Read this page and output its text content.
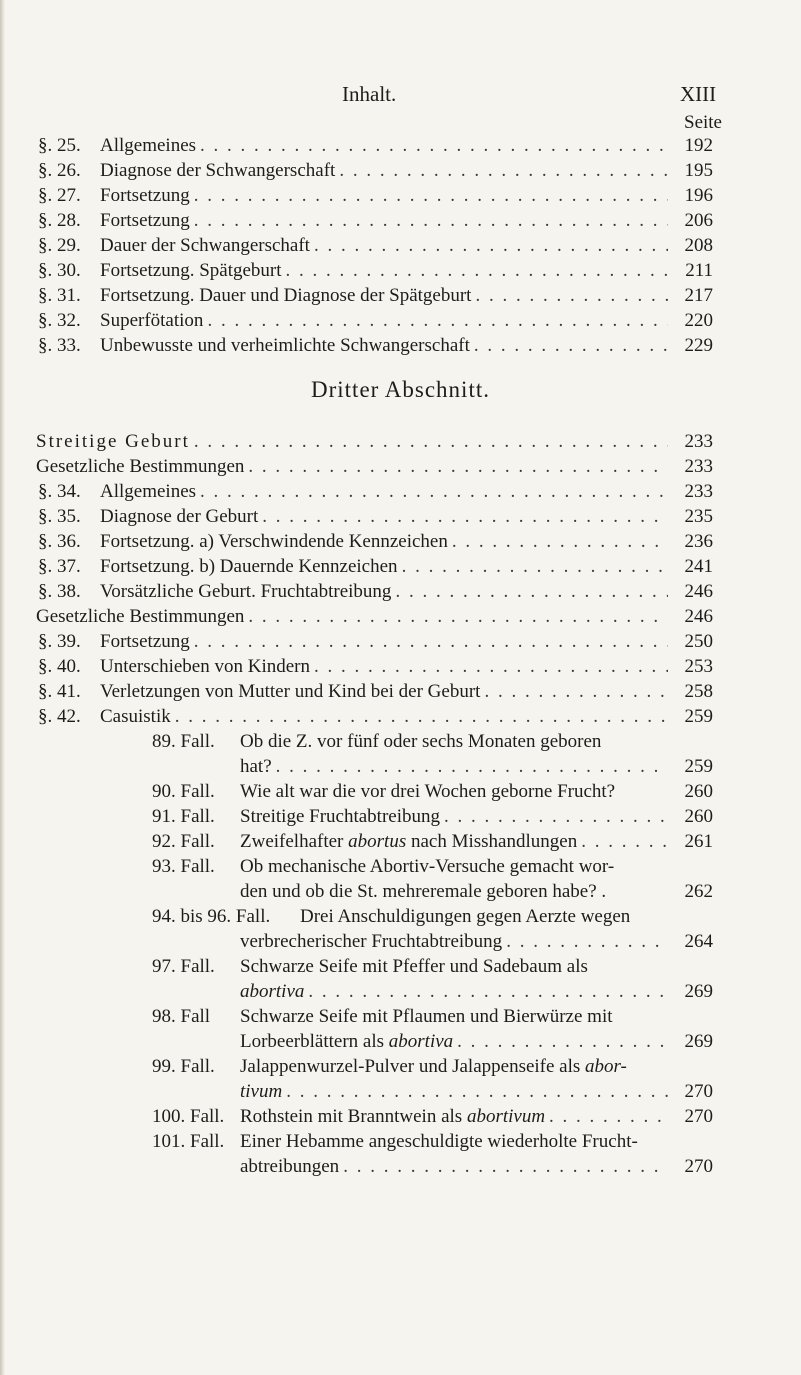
Inhalt.	XIII
Seite
§. 25. Allgemeines . . .	192
§. 26. Diagnose der Schwangerschaft . . .	195
§. 27. Fortsetzung . . .	196
§. 28. Fortsetzung . . .	206
§. 29. Dauer der Schwangerschaft . . .	208
§. 30. Fortsetzung. Spätgeburt . . .	211
§. 31. Fortsetzung. Dauer und Diagnose der Spätgeburt . . .	217
§. 32. Superfötation . . .	220
§. 33. Unbewusste und verheimlichte Schwangerschaft . . .	229
Dritter Abschnitt.
Streitige Geburt . . .	233
Gesetzliche Bestimmungen . . .	233
§. 34. Allgemeines . . .	233
§. 35. Diagnose der Geburt . . .	235
§. 36. Fortsetzung. a) Verschwindende Kennzeichen . . .	236
§. 37. Fortsetzung. b) Dauernde Kennzeichen . . .	241
§. 38. Vorsätzliche Geburt. Fruchtabtreibung . . .	246
Gesetzliche Bestimmungen . . .	246
§. 39. Fortsetzung . . .	250
§. 40. Unterschieben von Kindern . . .	253
§. 41. Verletzungen von Mutter und Kind bei der Geburt . . .	258
§. 42. Casuistik . . .	259
89. Fall. Ob die Z. vor fünf oder sechs Monaten geboren
hat? . . .	259
90. Fall. Wie alt war die vor drei Wochen geborne Frucht?	260
91. Fall. Streitige Fruchtabtreibung . . .	260
92. Fall. Zweifelhafter
abortus
nach Misshandlungen . . .	261
93. Fall. Ob mechanische Abortiv-Versuche gemacht wor-
den und ob die St. mehreremale geboren habe? .	262
94. bis 96. Fall. Drei Anschuldigungen gegen Aerzte wegen
verbrecherischer Fruchtabtreibung . . .	264
97. Fall. Schwarze Seife mit Pfeffer und Sadebaum als
abortiva . . .	269
98. Fall Schwarze Seife mit Pflaumen und Bierwürze mit
Lorbeerblättern als
abortiva . . .	269
99. Fall. Jalappenwurzel-Pulver und Jalappenseife als
abor-
tivum . . .	270
100. Fall. Rothstein mit Branntwein als
abortivum . . .	270
101. Fall. Einer Hebamme angeschuldigte wiederholte Frucht-
abtreibungen . . .	270
